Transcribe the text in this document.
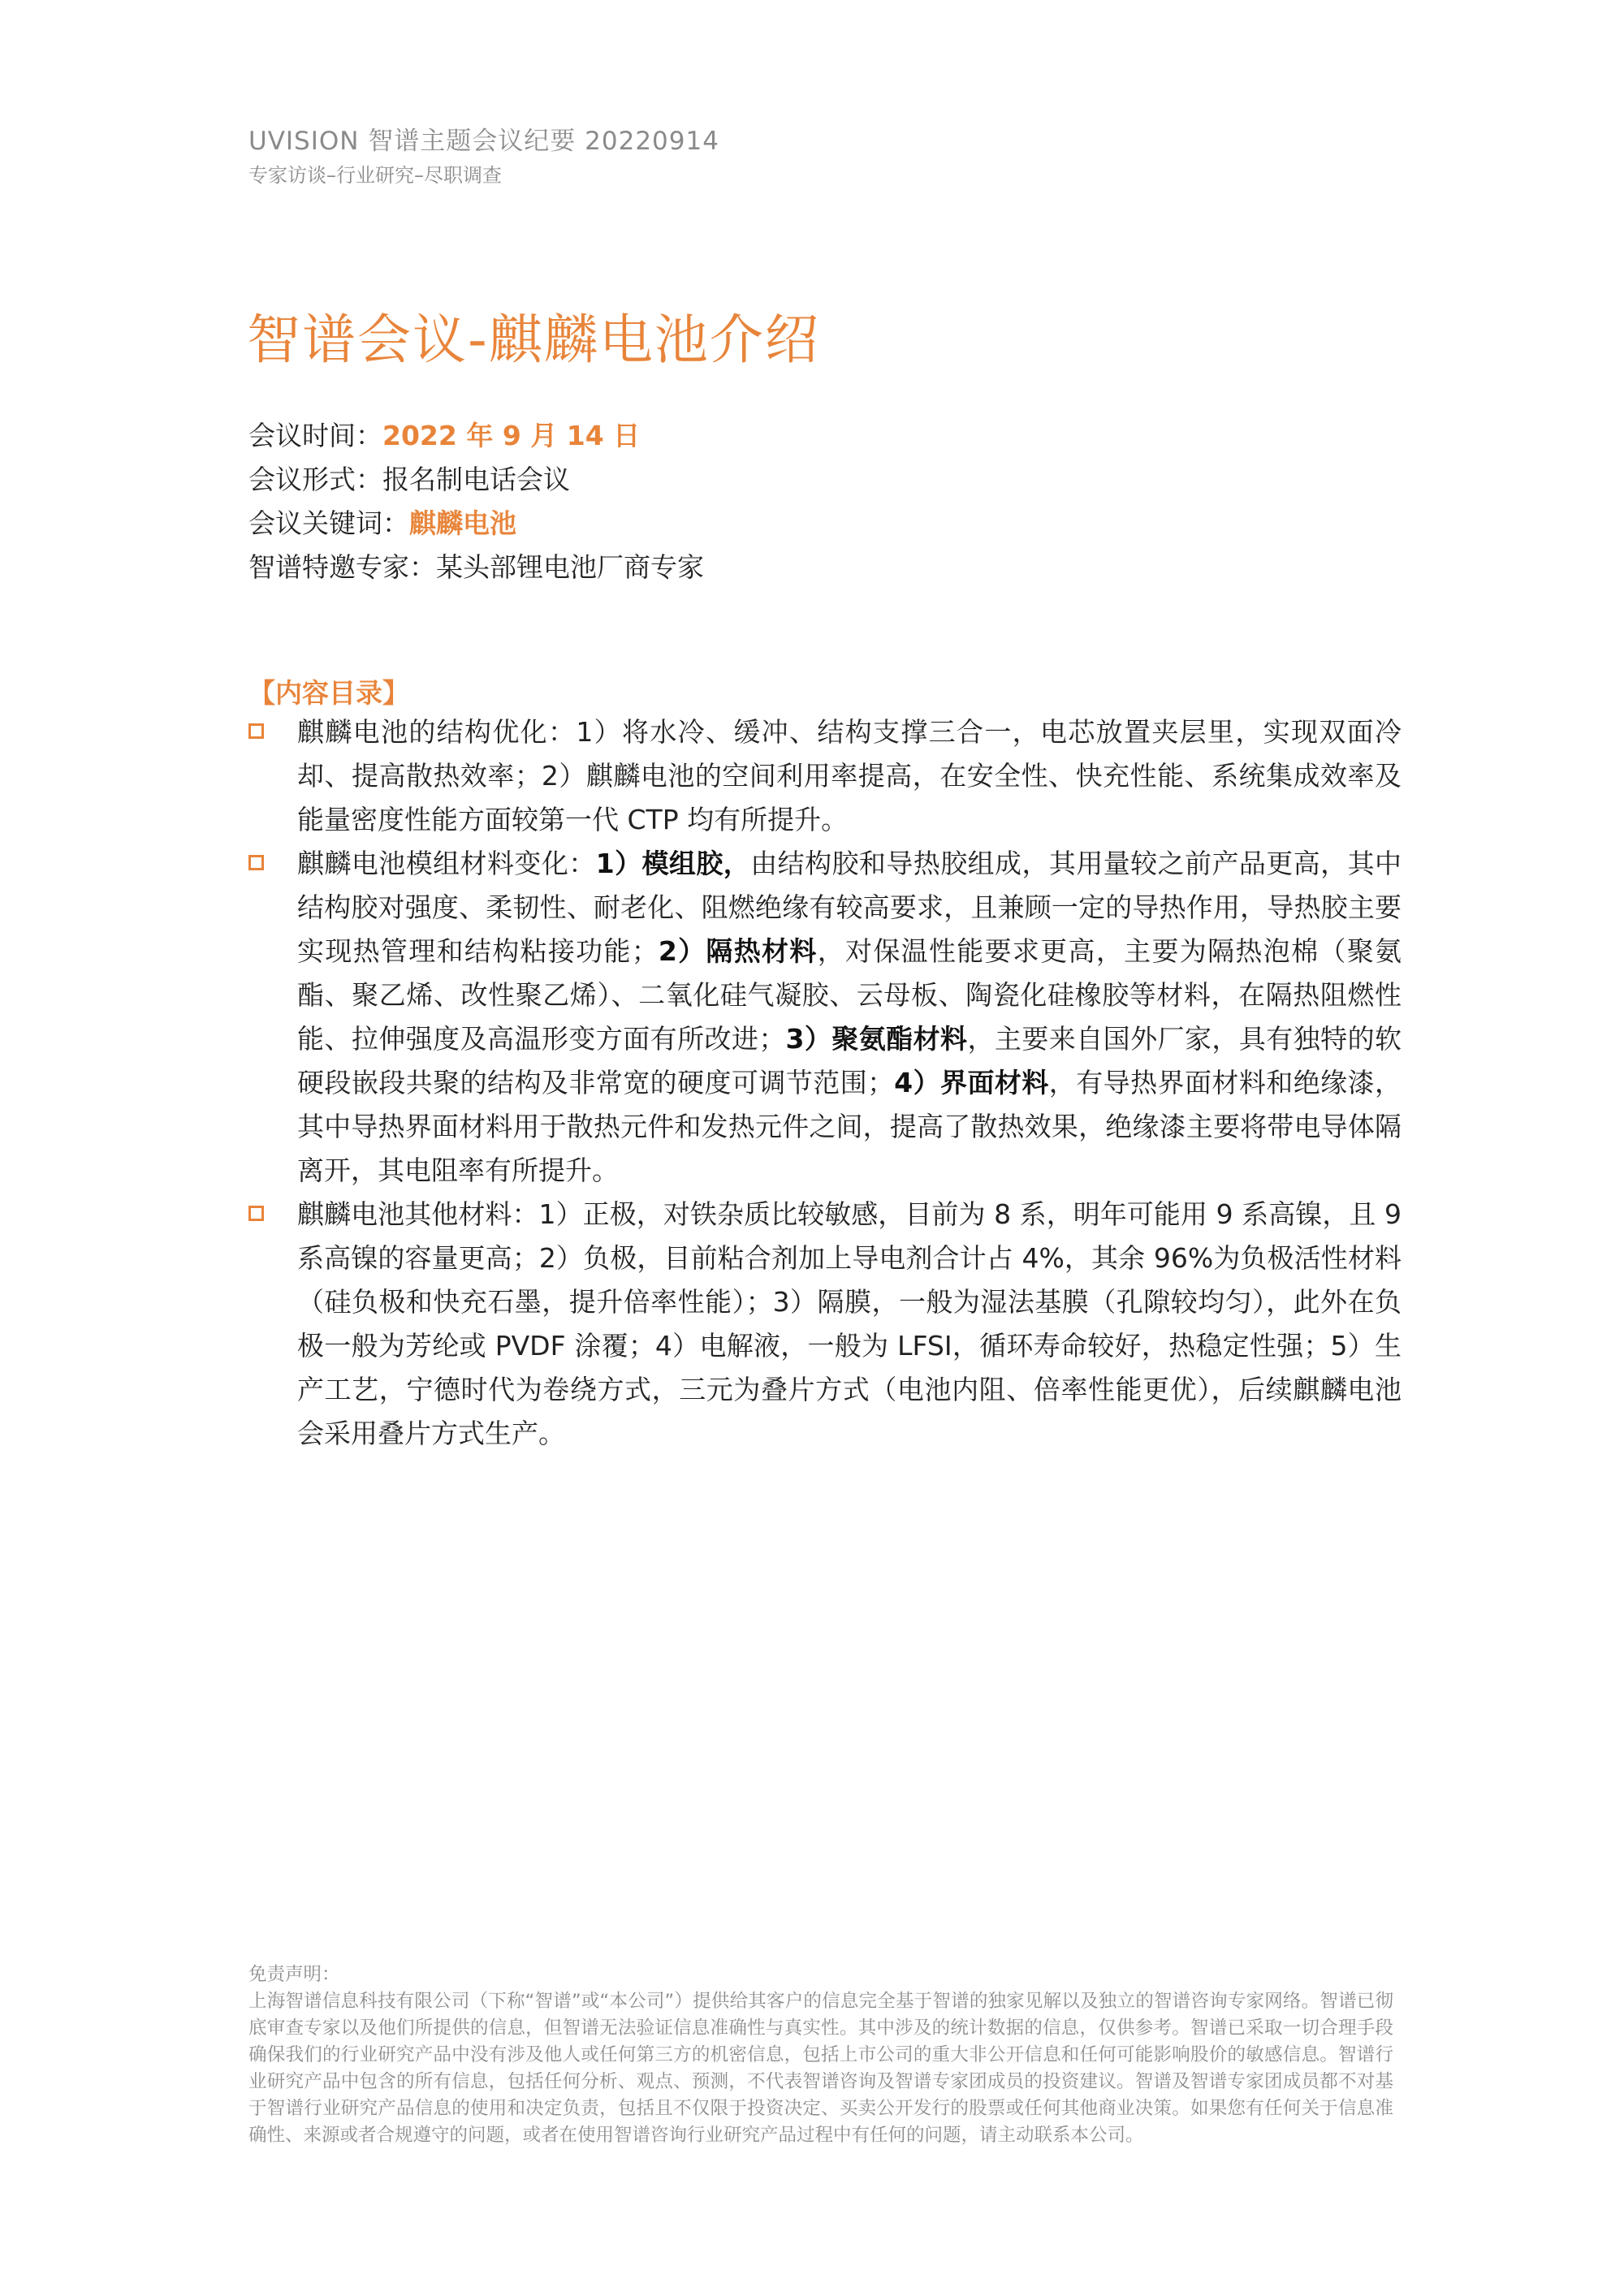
UVISION 智谱主题会议纪要 20220914
专家访谈–行业研究–尽职调查
智谱会议-麒麟电池介绍
会议时间：2022 年 9 月 14 日
会议形式：报名制电话会议
会议关键词：麒麟电池
智谱特邀专家：某头部锂电池厂商专家
【内容目录】

麒麟电池的结构优化：1）将水冷、缓冲、结构支撑三合一，电芯放置夹层里，实现双面冷却、提高散热效率；2）麒麟电池的空间利用率提高，在安全性、快充性能、系统集成效率及能量密度性能方面较第一代 CTP 均有所提升。

麒麟电池模组材料变化：1）模组胶，由结构胶和导热胶组成，其用量较之前产品更高，其中结构胶对强度、柔韧性、耐老化、阻燃绝缘有较高要求，且兼顾一定的导热作用，导热胶主要实现热管理和结构粘接功能；2）隔热材料，对保温性能要求更高，主要为隔热泡棉（聚氨酯、聚乙烯、改性聚乙烯）、二氧化硅气凝胶、云母板、陶瓷化硅橡胶等材料，在隔热阻燃性能、拉伸强度及高温形变方面有所改进；3）聚氨酯材料，主要来自国外厂家，具有独特的软硬段嵌段共聚的结构及非常宽的硬度可调节范围；4）界面材料，有导热界面材料和绝缘漆，其中导热界面材料用于散热元件和发热元件之间，提高了散热效果，绝缘漆主要将带电导体隔离开，其电阻率有所提升。

麒麟电池其他材料：1）正极，对铁杂质比较敏感，目前为 8 系，明年可能用 9 系高镍，且 9 系高镍的容量更高；2）负极，目前粘合剂加上导电剂合计占 4%，其余 96%为负极活性材料（硅负极和快充石墨，提升倍率性能）；3）隔膜，一般为湿法基膜（孔隙较均匀），此外在负极一般为芳纶或 PVDF 涂覆；4）电解液，一般为 LFSI，循环寿命较好，热稳定性强；5）生产工艺，宁德时代为卷绕方式，三元为叠片方式（电池内阻、倍率性能更优），后续麒麟电池会采用叠片方式生产。

免责声明：

上海智谱信息科技有限公司（下称“智谱”或“本公司”）提供给其客户的信息完全基于智谱的独家见解以及独立的智谱咨询专家网络。智谱已彻底审查专家以及他们所提供的信息，但智谱无法验证信息准确性与真实性。其中涉及的统计数据的信息，仅供参考。智谱已采取一切合理手段确保我们的行业研究产品中没有涉及他人或任何第三方的机密信息，包括上市公司的重大非公开信息和任何可能影响股价的敏感信息。智谱行业研究产品中包含的所有信息，包括任何分析、观点、预测，不代表智谱咨询及智谱专家团成员的投资建议。智谱及智谱专家团成员都不对基于智谱行业研究产品信息的使用和决定负责，包括且不仅限于投资决定、买卖公开发行的股票或任何其他商业决策。如果您有任何关于信息准确性、来源或者合规遵守的问题，或者在使用智谱咨询行业研究产品过程中有任何的问题，请主动联系本公司。
